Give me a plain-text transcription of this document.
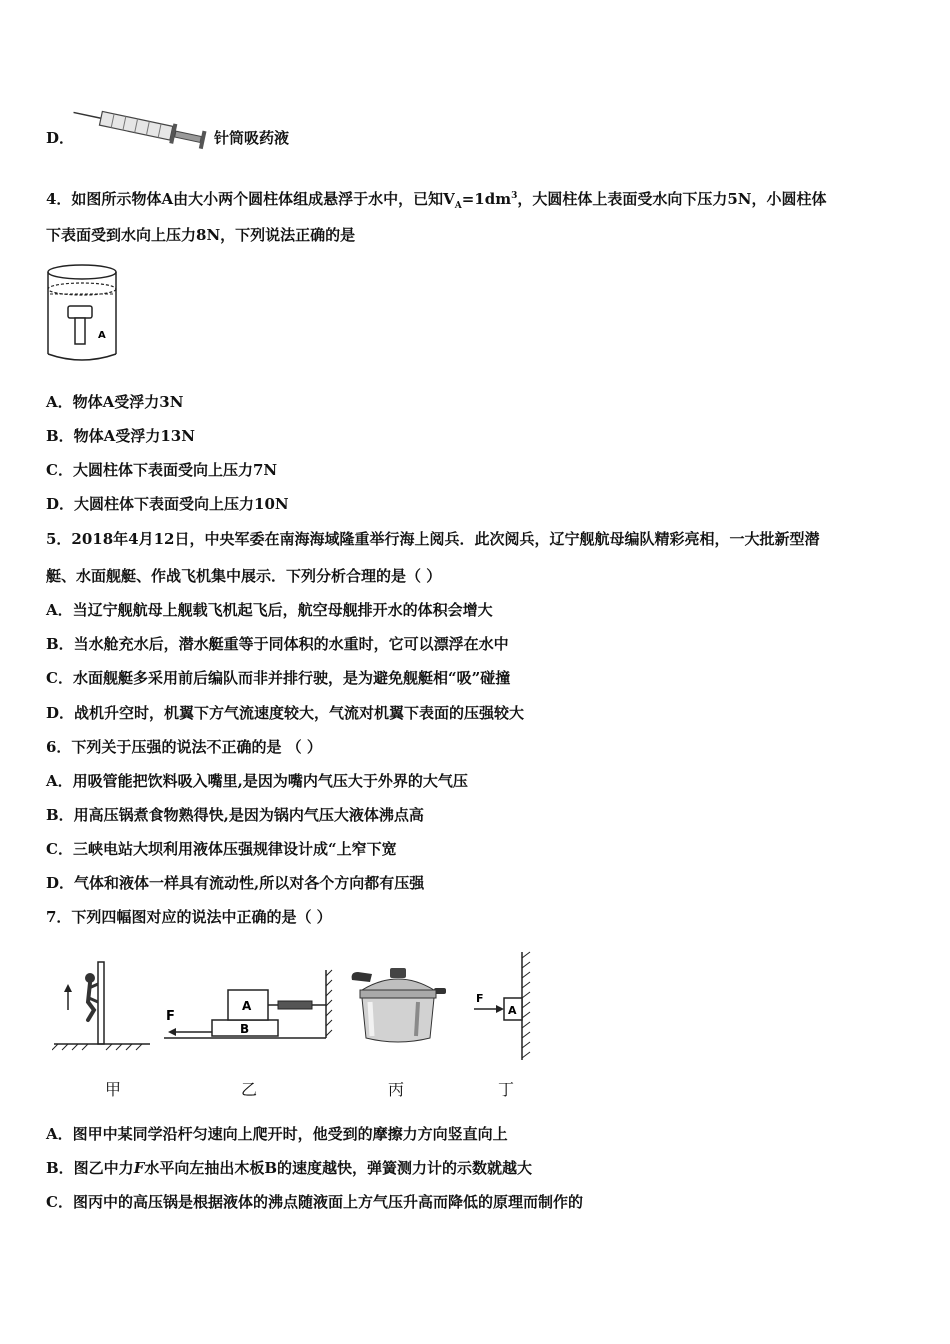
D．	针筒吸药液
4．如图所示物体A由大小两个圆柱体组成悬浮于水中，已知$V_A=1dm^3$，大圆柱体上表面受水向下压力5N，小圆柱体
下表面受到水向上压力8N，下列说法正确的是
A
A．物体A受浮力3N
B．物体A受浮力13N
C．大圆柱体下表面受向上压力7N
D．大圆柱体下表面受向上压力10N
5．2018年4月12日，中央军委在南海海域隆重举行海上阅兵．此次阅兵，辽宁舰航母编队精彩亮相，一大批新型潜
艇、水面舰艇、作战飞机集中展示．下列分析合理的是（ ）
A．当辽宁舰航母上舰载飞机起飞后，航空母舰排开水的体积会增大
B．当水舱充水后，潜水艇重等于同体积的水重时，它可以漂浮在水中
C．水面舰艇多采用前后编队而非并排行驶，是为避免舰艇相“吸”碰撞
D．战机升空时，机翼下方气流速度较大，气流对机翼下表面的压强较大
6．下列关于压强的说法不正确的是 （ ）
A．用吸管能把饮料吸入嘴里,是因为嘴内气压大于外界的大气压
B．用高压锅煮食物熟得快,是因为锅内气压大液体沸点高
C．三峡电站大坝利用液体压强规律设计成“上窄下宽
D．气体和液体一样具有流动性,所以对各个方向都有压强
7．下列四幅图对应的说法中正确的是（ ）
B
A
F	A
F
甲	乙	丙	丁
A．图甲中某同学沿杆匀速向上爬开时，他受到的摩擦力方向竖直向上
B．图乙中力F水平向左抽出木板B的速度越快，弹簧测力计的示数就越大
C．图丙中的高压锅是根据液体的沸点随液面上方气压升高而降低的原理而制作的
